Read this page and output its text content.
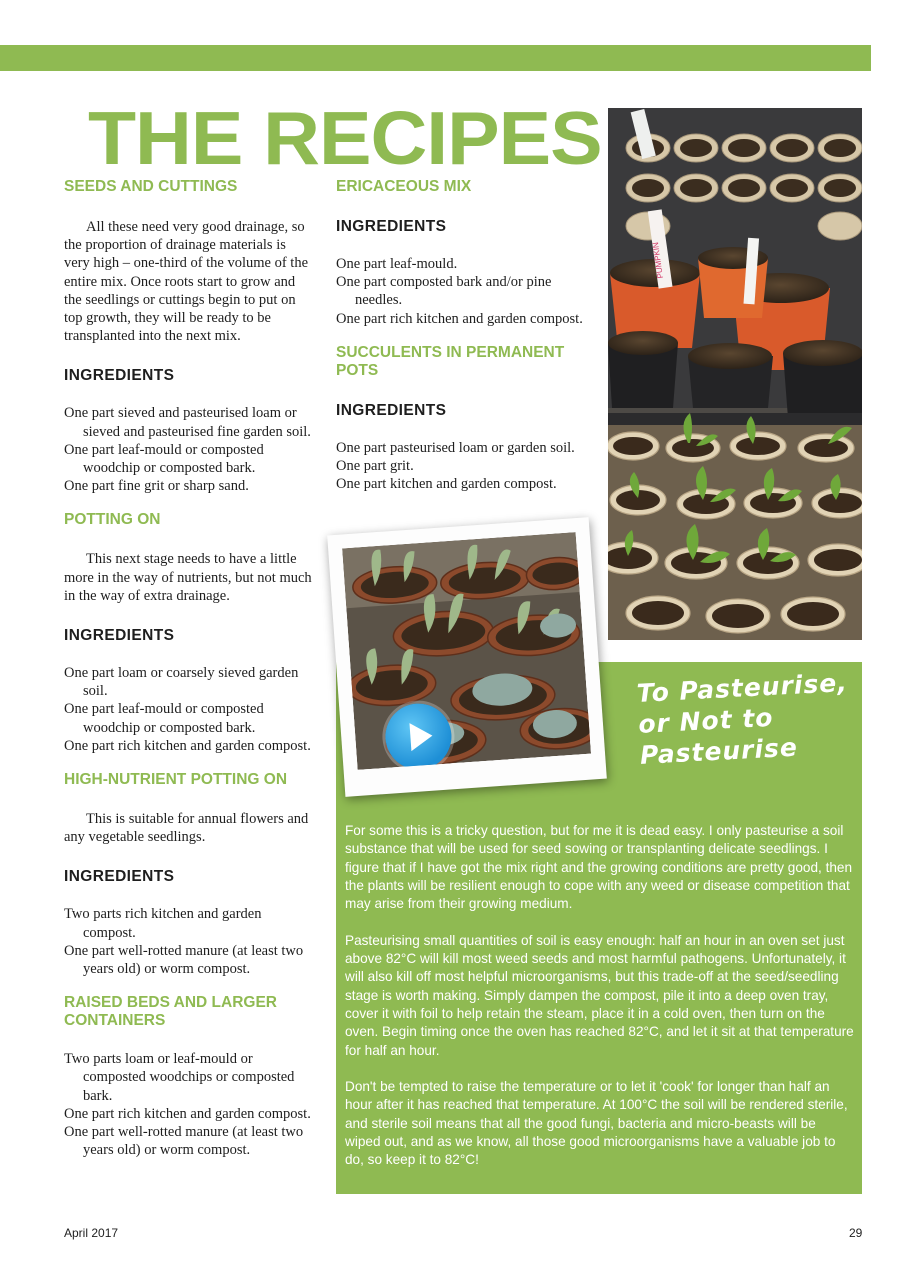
THE RECIPES
SEEDS AND CUTTINGS

All these need very good drainage, so the proportion of drainage materials is very high – one-third of the volume of the entire mix. Once roots start to grow and the seedlings or cuttings begin to put on top growth, they will be ready to be transplanted into the next mix.

INGREDIENTS
One part sieved and pasteurised loam or sieved and pasteurised fine garden soil.
One part leaf-mould or composted woodchip or composted bark.
One part fine grit or sharp sand.
POTTING ON

This next stage needs to have a little more in the way of nutrients, but not much in the way of extra drainage.

INGREDIENTS
One part loam or coarsely sieved garden soil.
One part leaf-mould or composted woodchip or composted bark.
One part rich kitchen and garden compost.
HIGH-NUTRIENT POTTING ON

This is suitable for annual flowers and any vegetable seedlings.

INGREDIENTS
Two parts rich kitchen and garden compost.
One part well-rotted manure (at least two years old) or worm compost.
RAISED BEDS AND LARGER CONTAINERS
Two parts loam or leaf-mould or composted woodchips or composted bark.
One part rich kitchen and garden compost.
One part well-rotted manure (at least two years old) or worm compost.
ERICACEOUS MIX
INGREDIENTS
One part leaf-mould.
One part composted bark and/or pine needles.
One part rich kitchen and garden compost.
SUCCULENTS IN PERMANENT POTS
INGREDIENTS
One part pasteurised loam or garden soil.
One part grit.
One part kitchen and garden compost.
PUMPKIN
To Pasteurise, or Not to Pasteurise

For some this is a tricky question, but for me it is dead easy. I only pasteurise a soil substance that will be used for seed sowing or transplanting delicate seedlings. I figure that if I have got the mix right and the growing conditions are pretty good, then the plants will be resilient enough to cope with any weed or disease competition that may arise from their growing medium.

Pasteurising small quantities of soil is easy enough: half an hour in an oven set just above 82°C will kill most weed seeds and most harmful pathogens. Unfortunately, it will also kill off most helpful microorganisms, but this trade-off at the seed/seedling stage is worth making. Simply dampen the compost, pile it into a deep oven tray, cover it with foil to help retain the steam, place it in a cold oven, then turn on the oven. Begin timing once the oven has reached 82°C, and let it sit at that temperature for half an hour.

Don't be tempted to raise the temperature or to let it 'cook' for longer than half an hour after it has reached that temperature. At 100°C the soil will be rendered sterile, and sterile soil means that all the good fungi, bacteria and micro-beasts will be wiped out, and as we know, all those good microorganisms have a valuable job to do, so keep it to 82°C!

April 2017	29
